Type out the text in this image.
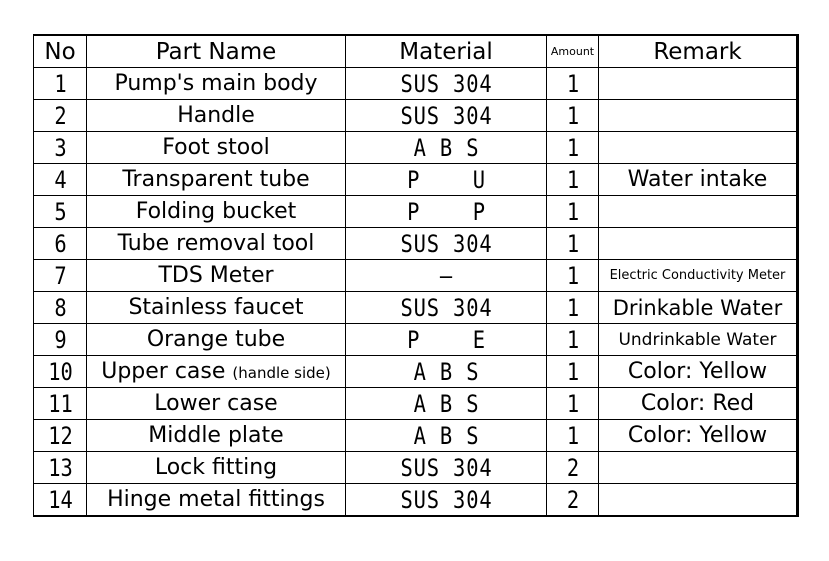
No	Part Name	Material	Amount	Remark
1	Pump's main body	SUS 304	1	
2	Handle	SUS 304	1	
3	Foot stool	A B S	1	
4	Transparent tube	P    U	1	Water intake
5	Folding bucket	P    P	1	
6	Tube removal tool	SUS 304	1	
7	TDS Meter	–	1	Electric Conductivity Meter
8	Stainless faucet	SUS 304	1	Drinkable Water
9	Orange tube	P    E	1	Undrinkable Water
10	Upper case (handle side)	A B S	1	Color: Yellow
11	Lower case	A B S	1	Color: Red
12	Middle plate	A B S	1	Color: Yellow
13	Lock fitting	SUS 304	2	
14	Hinge metal fittings	SUS 304	2	
